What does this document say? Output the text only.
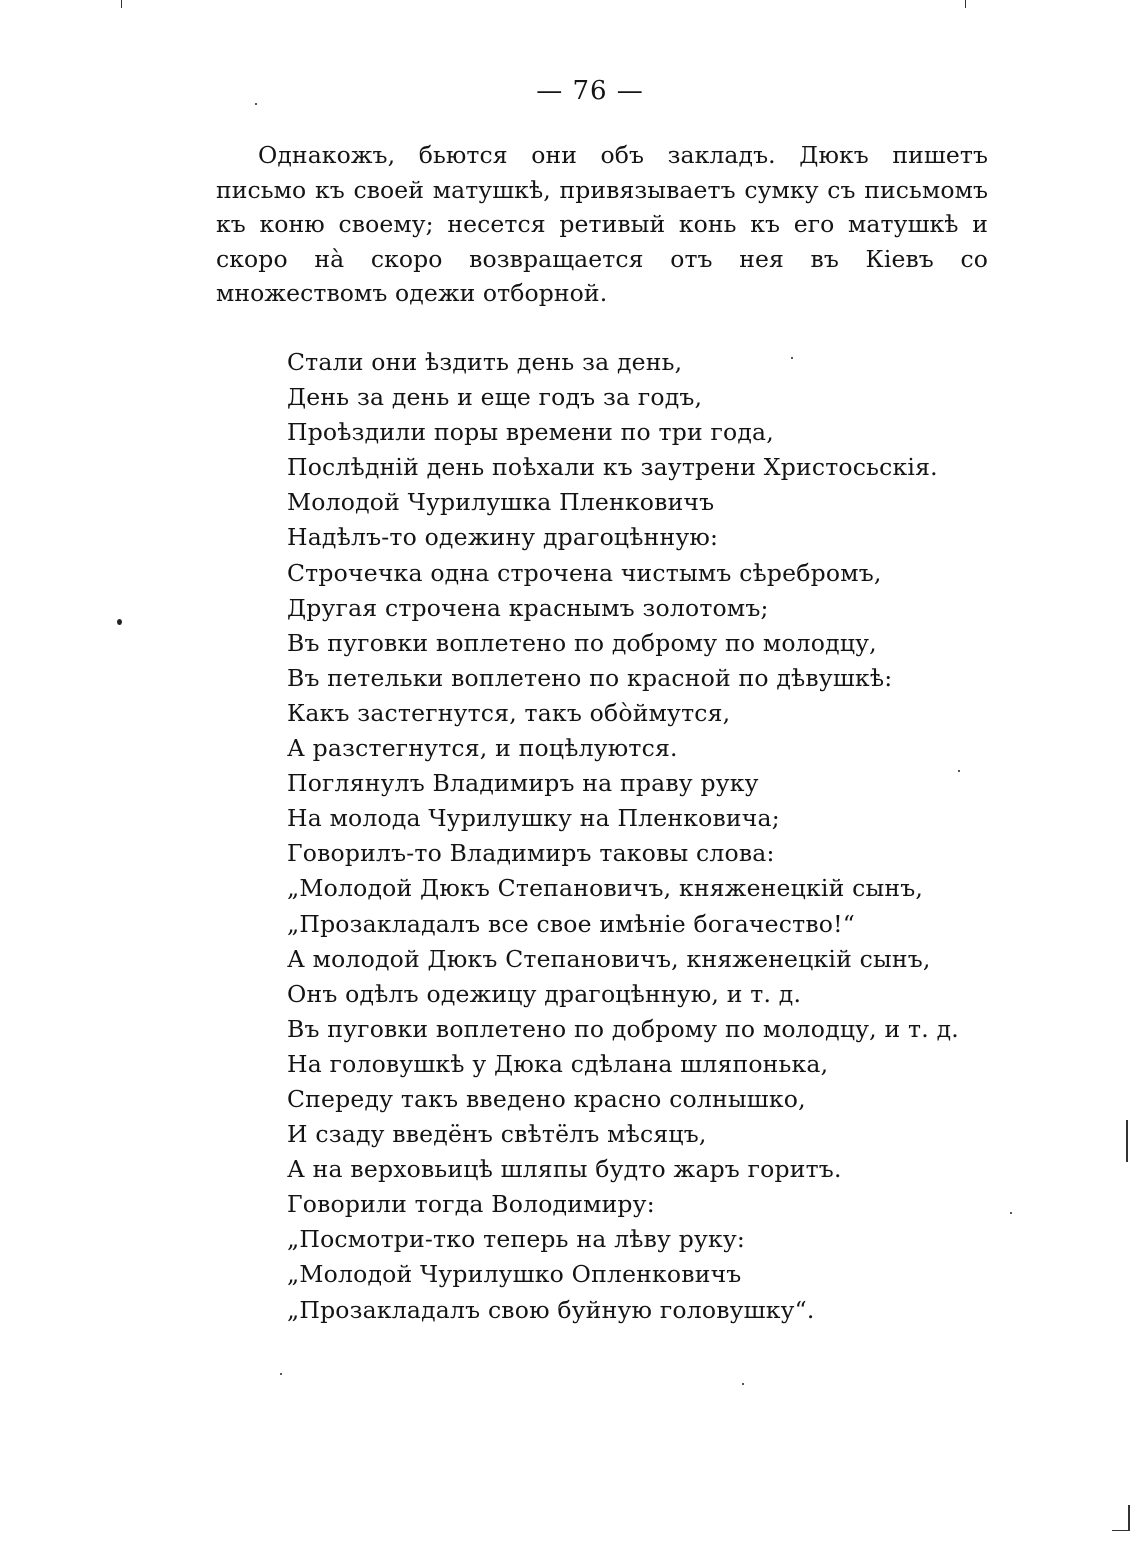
— 76 —

Однакожъ, бьются они объ закладъ. Дюкъ пишетъ письмо къ своей матушкѣ, привязываетъ сумку съ письмомъ къ коню своему; несется ретивый конь къ его матушкѣ и скоро на̀ скоро возвращается отъ нея въ Кіевъ со множествомъ одежи отборной.

Стали они ѣздить день за день,
День за день и еще годъ за годъ,
Проѣздили поры времени по три года,
Послѣдній день поѣхали къ заутрени Христосьскія.
Молодой Чурилушка Пленковичъ
Надѣлъ-то одежину драгоцѣнную:
Строчечка одна строчена чистымъ сѣребромъ,
Другая строчена краснымъ золотомъ;
Въ пуговки воплетено по доброму по молодцу,
Въ петельки воплетено по красной по дѣвушкѣ:
Какъ застегнутся, такъ обо̀ймутся,
А разстегнутся, и поцѣлуются.
Поглянулъ Владимиръ на праву руку
На молода Чурилушку на Пленковича;
Говорилъ-то Владимиръ таковы слова:
„Молодой Дюкъ Степановичъ, княженецкій сынъ,
„Прозакладалъ все свое имѣніе богачество!“
А молодой Дюкъ Степановичъ, княженецкій сынъ,
Онъ одѣлъ одежицу драгоцѣнную, и т. д.
Въ пуговки воплетено по доброму по молодцу, и т. д.
На головушкѣ у Дюка сдѣлана шляпонька,
Спереду такъ введено красно солнышко,
И сзаду введёнъ свѣтёлъ мѣсяцъ,
А на верховьицѣ шляпы будто жаръ горитъ.
Говорили тогда Володимиру:
„Посмотри-тко теперь на лѣву руку:
„Молодой Чурилушко Опленковичъ
„Прозакладалъ свою буйную головушку“.
